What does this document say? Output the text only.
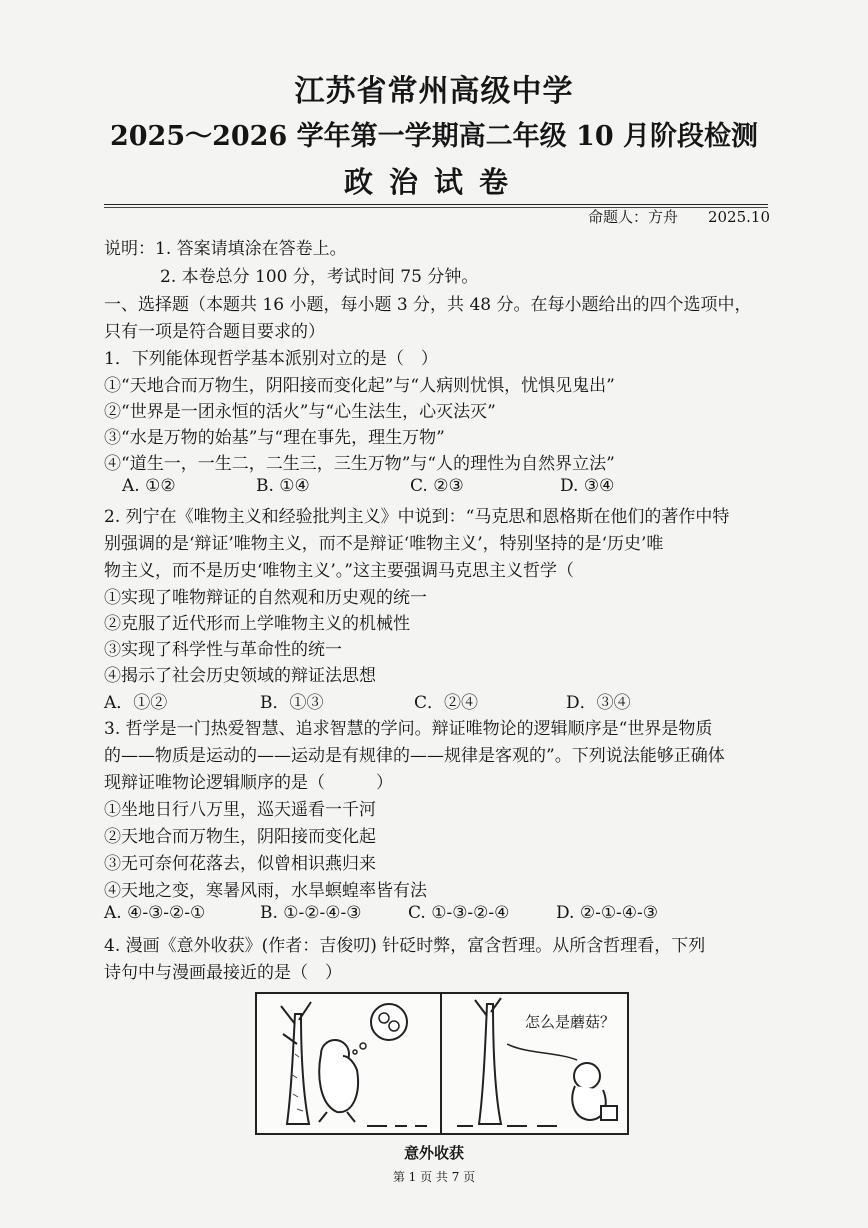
江苏省常州高级中学
2025～2026 学年第一学期高二年级 10 月阶段检测
政治试卷
命题人：方舟 2025.10
说明：1. 答案请填涂在答卷上。
2. 本卷总分 100 分，考试时间 75 分钟。
一、选择题（本题共 16 小题，每小题 3 分，共 48 分。在每小题给出的四个选项中，
只有一项是符合题目要求的）
1．下列能体现哲学基本派别对立的是（　）
①“天地合而万物生，阴阳接而变化起”与“人病则忧惧，忧惧见鬼出”
②“世界是一团永恒的活火”与“心生法生，心灭法灭”
③“水是万物的始基”与“理在事先，理生万物”
④“道生一，一生二，二生三，三生万物”与“人的理性为自然界立法”
A. ①②	B. ①④	C. ②③	D. ③④
2. 列宁在《唯物主义和经验批判主义》中说到：“马克思和恩格斯在他们的著作中特
别强调的是‘辩证’唯物主义，而不是辩证‘唯物主义’，特别坚持的是‘历史’唯
物主义，而不是历史‘唯物主义’。”这主要强调马克思主义哲学（
①实现了唯物辩证的自然观和历史观的统一
②克服了近代形而上学唯物主义的机械性
③实现了科学性与革命性的统一
④揭示了社会历史领域的辩证法思想
A．①②	B．①③	C．②④	D．③④
3. 哲学是一门热爱智慧、追求智慧的学问。辩证唯物论的逻辑顺序是“世界是物质
的——物质是运动的——运动是有规律的——规律是客观的”。下列说法能够正确体
现辩证唯物论逻辑顺序的是（　　　）
①坐地日行八万里，巡天遥看一千河
②天地合而万物生，阴阳接而变化起
③无可奈何花落去，似曾相识燕归来
④天地之变，寒暑风雨，水旱螟蝗率皆有法
A. ④-③-②-①	B. ①-②-④-③	C. ①-③-②-④	D. ②-①-④-③
4. 漫画《意外收获》(作者：吉俊叨) 针砭时弊，富含哲理。从所含哲理看，下列
诗句中与漫画最接近的是（　）
怎么是蘑菇？
意外收获
第 1 页 共 7 页
